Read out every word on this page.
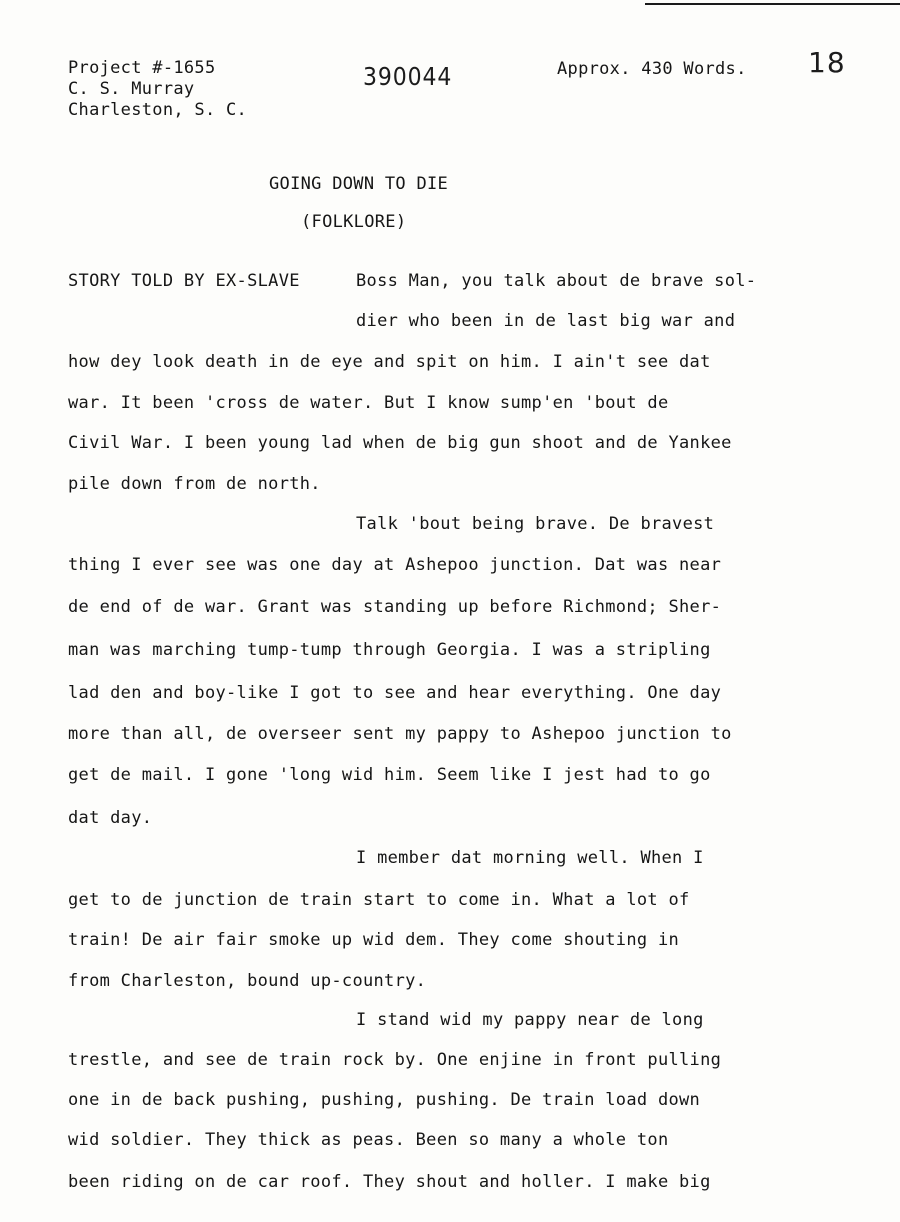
Project #-1655
C. S. Murray
Charleston, S. C.
390044	Approx. 430 Words. 18
GOING DOWN TO DIE
(FOLKLORE)
STORY TOLD BY EX-SLAVE	Boss Man, you talk about de brave sol-
dier who been in de last big war and
how dey look death in de eye and spit on him. I ain't see dat
war. It been 'cross de water. But I know sump'en 'bout de
Civil War. I been young lad when de big gun shoot and de Yankee
pile down from de north.
Talk 'bout being brave. De bravest
thing I ever see was one day at Ashepoo junction. Dat was near
de end of de war. Grant was standing up before Richmond; Sher-
man was marching tump-tump through Georgia. I was a stripling
lad den and boy-like I got to see and hear everything. One day
more than all, de overseer sent my pappy to Ashepoo junction to
get de mail. I gone 'long wid him. Seem like I jest had to go
dat day.
I member dat morning well. When I
get to de junction de train start to come in. What a lot of
train! De air fair smoke up wid dem. They come shouting in
from Charleston, bound up-country.
I stand wid my pappy near de long
trestle, and see de train rock by. One enjine in front pulling
one in de back pushing, pushing, pushing. De train load down
wid soldier. They thick as peas. Been so many a whole ton
been riding on de car roof. They shout and holler. I make big
